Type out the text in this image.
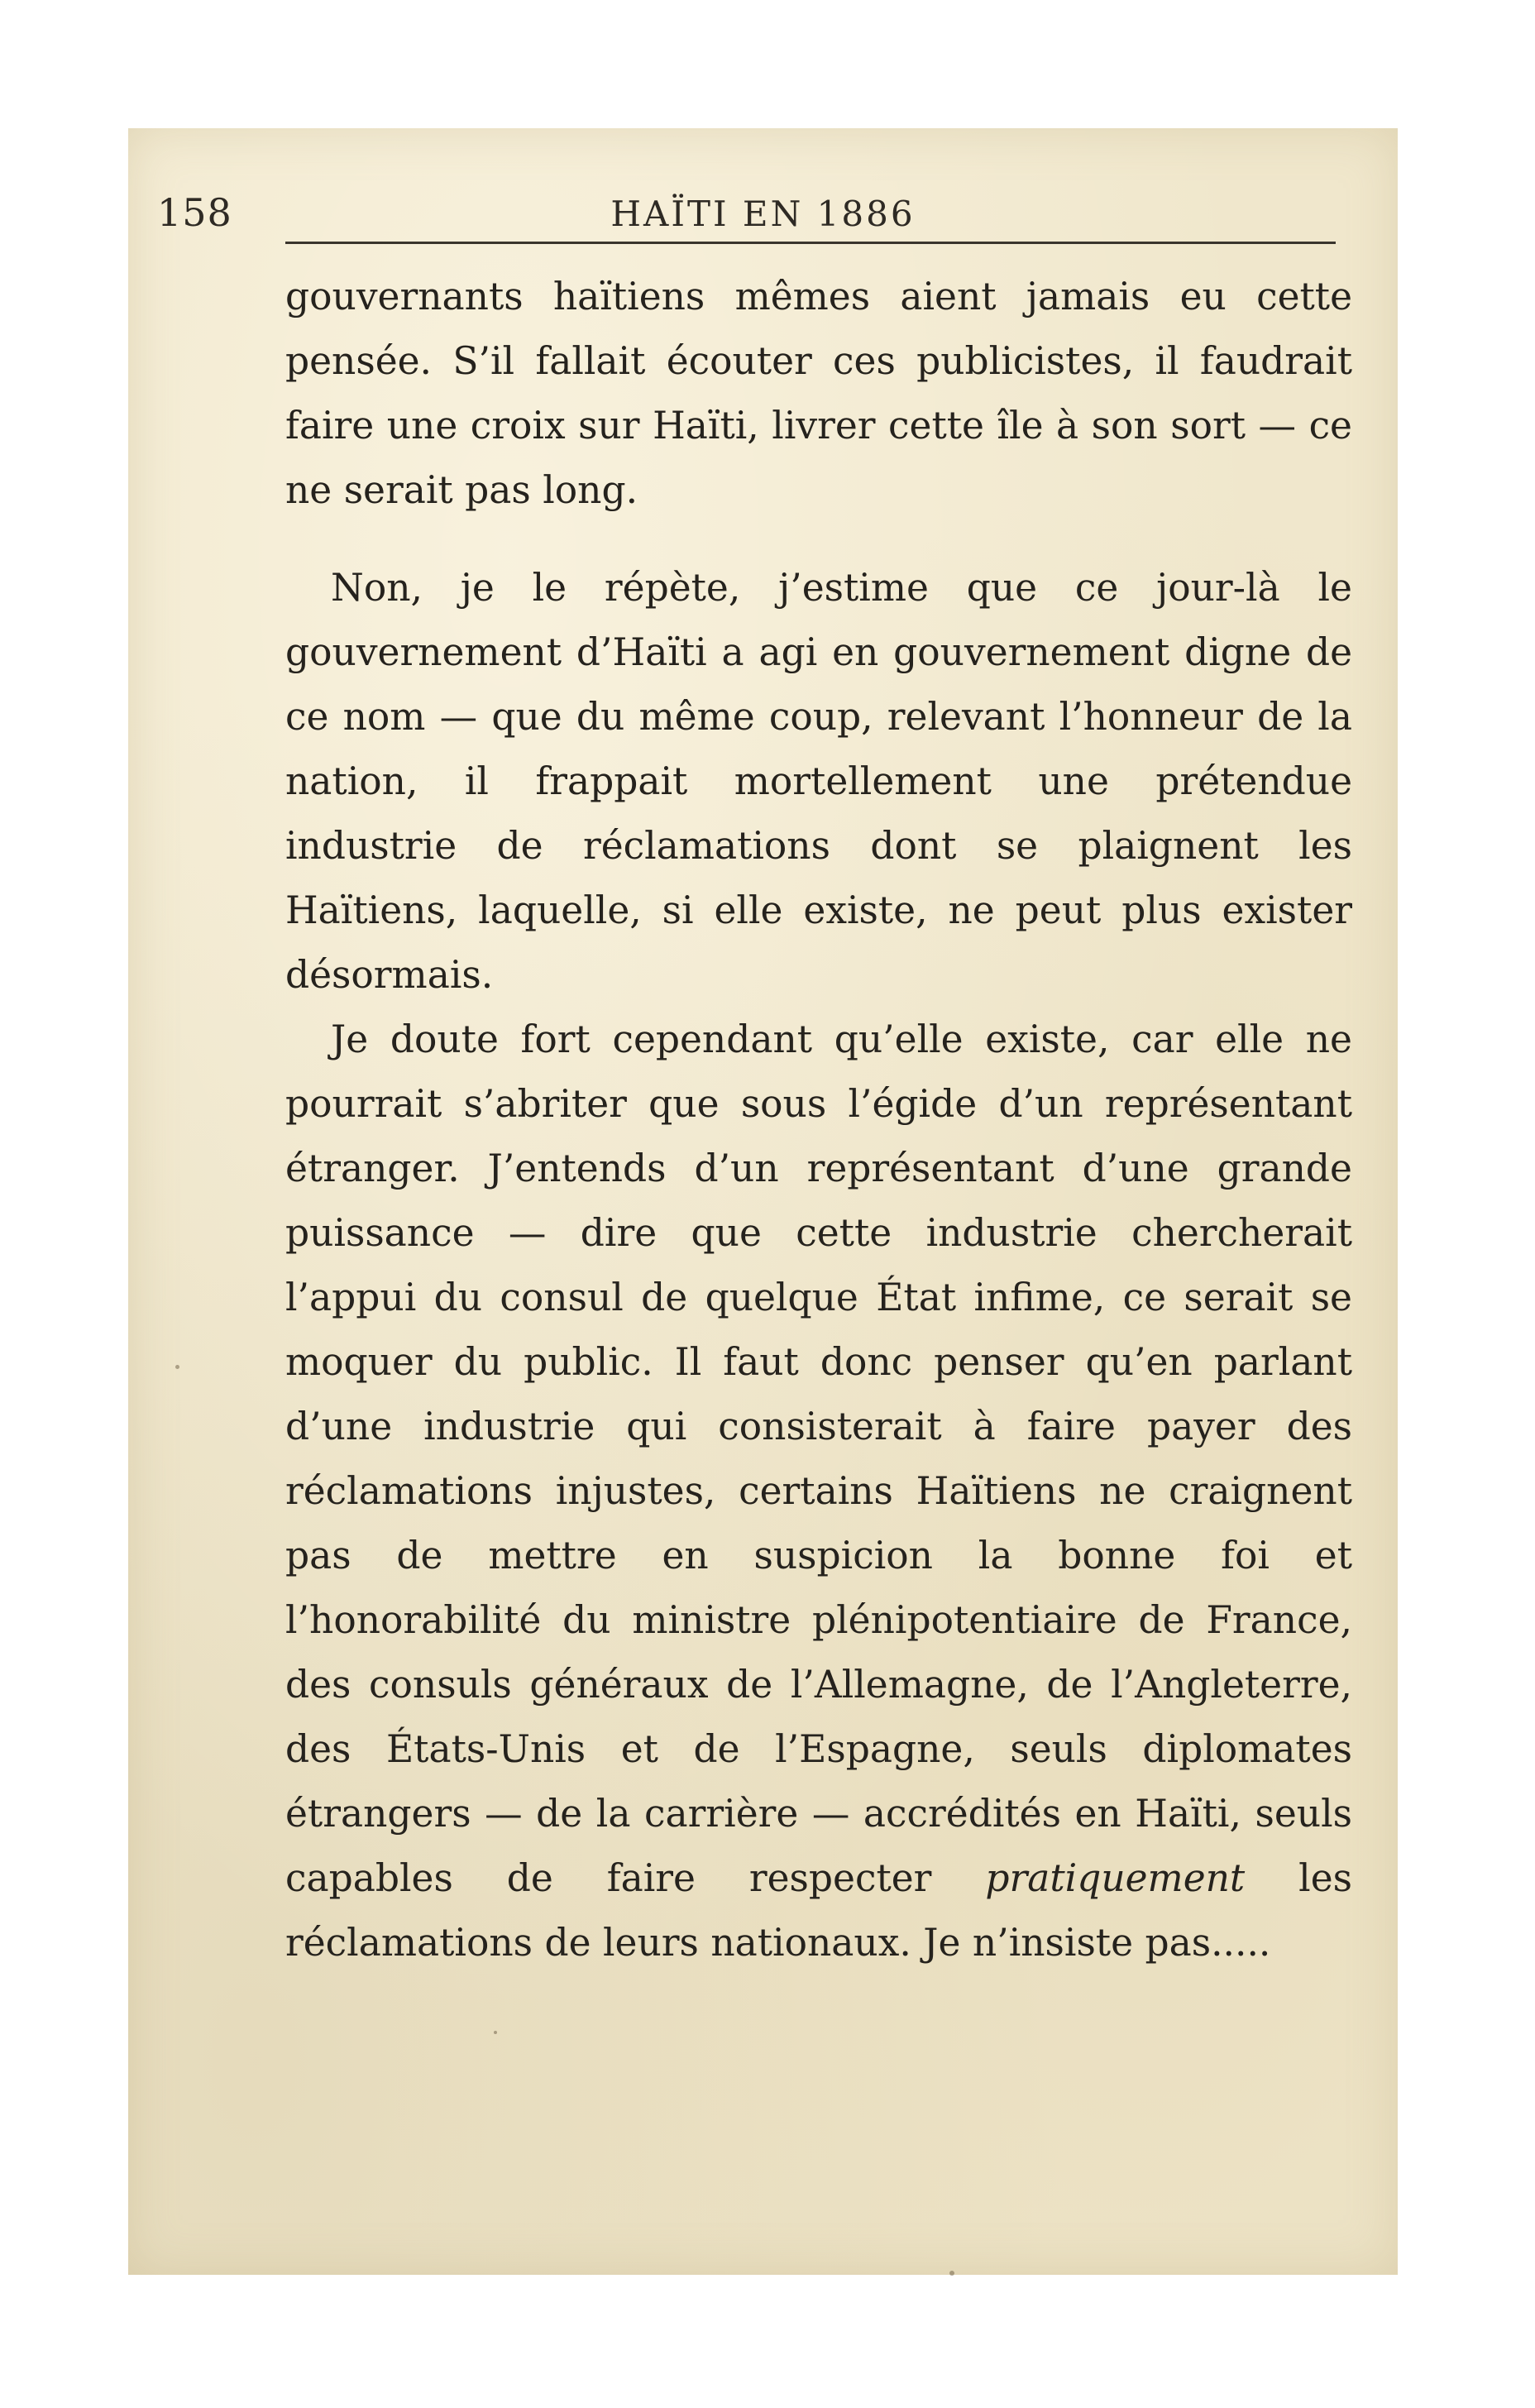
158	HAÏTI EN 1886

gouvernants haïtiens mêmes aient jamais eu cette pensée. S’il fallait écouter ces publicistes, il faudrait faire une croix sur Haïti, livrer cette île à son sort — ce ne serait pas long.

Non, je le répète, j’estime que ce jour-là le gouvernement d’Haïti a agi en gouvernement digne de ce nom — que du même coup, relevant l’honneur de la nation, il frappait mortellement une prétendue industrie de réclamations dont se plaignent les Haïtiens, laquelle, si elle existe, ne peut plus exister désormais.

Je doute fort cependant qu’elle existe, car elle ne pourrait s’abriter que sous l’égide d’un représentant étranger. J’entends d’un représentant d’une grande puissance — dire que cette industrie chercherait l’appui du consul de quelque État infime, ce serait se moquer du public. Il faut donc penser qu’en parlant d’une industrie qui consisterait à faire payer des réclamations injustes, certains Haïtiens ne craignent pas de mettre en suspicion la bonne foi et l’honorabilité du ministre plénipotentiaire de France, des consuls généraux de l’Allemagne, de l’Angleterre, des États-Unis et de l’Espagne, seuls diplomates étrangers — de la carrière — accrédités en Haïti, seuls capables de faire respecter pratiquement les réclamations de leurs nationaux. Je n’insiste pas.....
